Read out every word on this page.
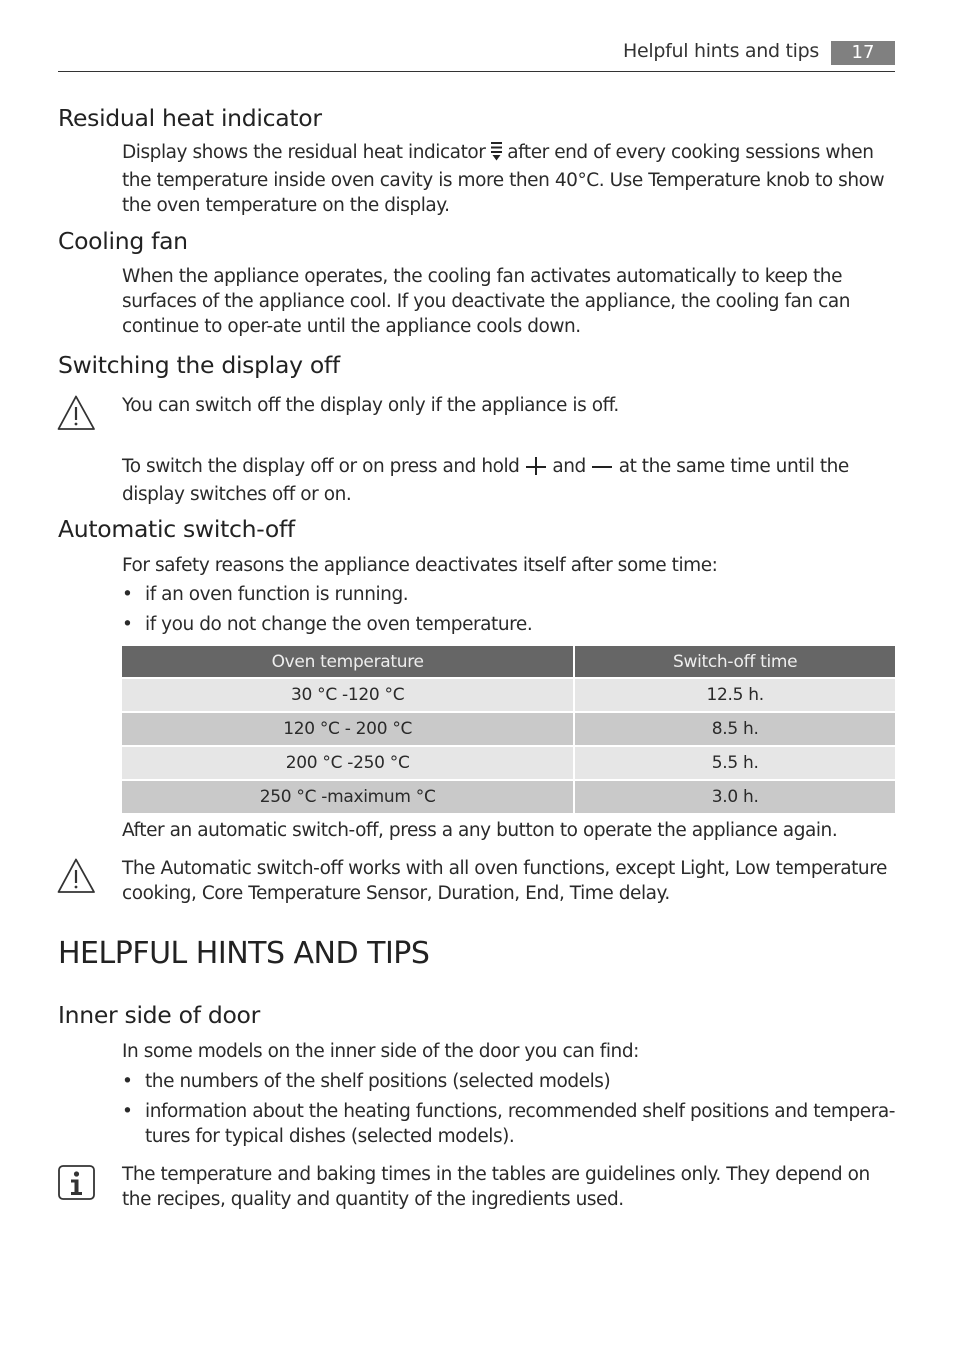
Helpful hints and tips	17
Residual heat indicator

Display shows the residual heat indicator after end of every cooking sessions when the temperature inside oven cavity is more then 40°C. Use Temperature knob to show the oven temperature on the display.

Cooling fan

When the appliance operates, the cooling fan activates automatically to keep the surfaces of the appliance cool. If you deactivate the appliance, the cooling fan can continue to oper-ate until the appliance cools down.

Switching the display off

You can switch off the display only if the appliance is off.

To switch the display off or on press and hold and at the same time until the display switches off or on.

Automatic switch-off

For safety reasons the appliance deactivates itself after some time:

• if an oven function is running.
• if you do not change the oven temperature.
Oven temperature	Switch-off time
30 °C -120 °C	12.5 h.
120 °C - 200 °C	8.5 h.
200 °C -250 °C	5.5 h.
250 °C -maximum °C	3.0 h.

After an automatic switch-off, press a any button to operate the appliance again.

The Automatic switch-off works with all oven functions, except Light, Low temperature cooking, Core Temperature Sensor, Duration, End, Time delay.

HELPFUL HINTS AND TIPS
Inner side of door

In some models on the inner side of the door you can find:

• the numbers of the shelf positions (selected models)
• information about the heating functions, recommended shelf positions and tempera-tures for typical dishes (selected models).

The temperature and baking times in the tables are guidelines only. They depend on the recipes, quality and quantity of the ingredients used.
